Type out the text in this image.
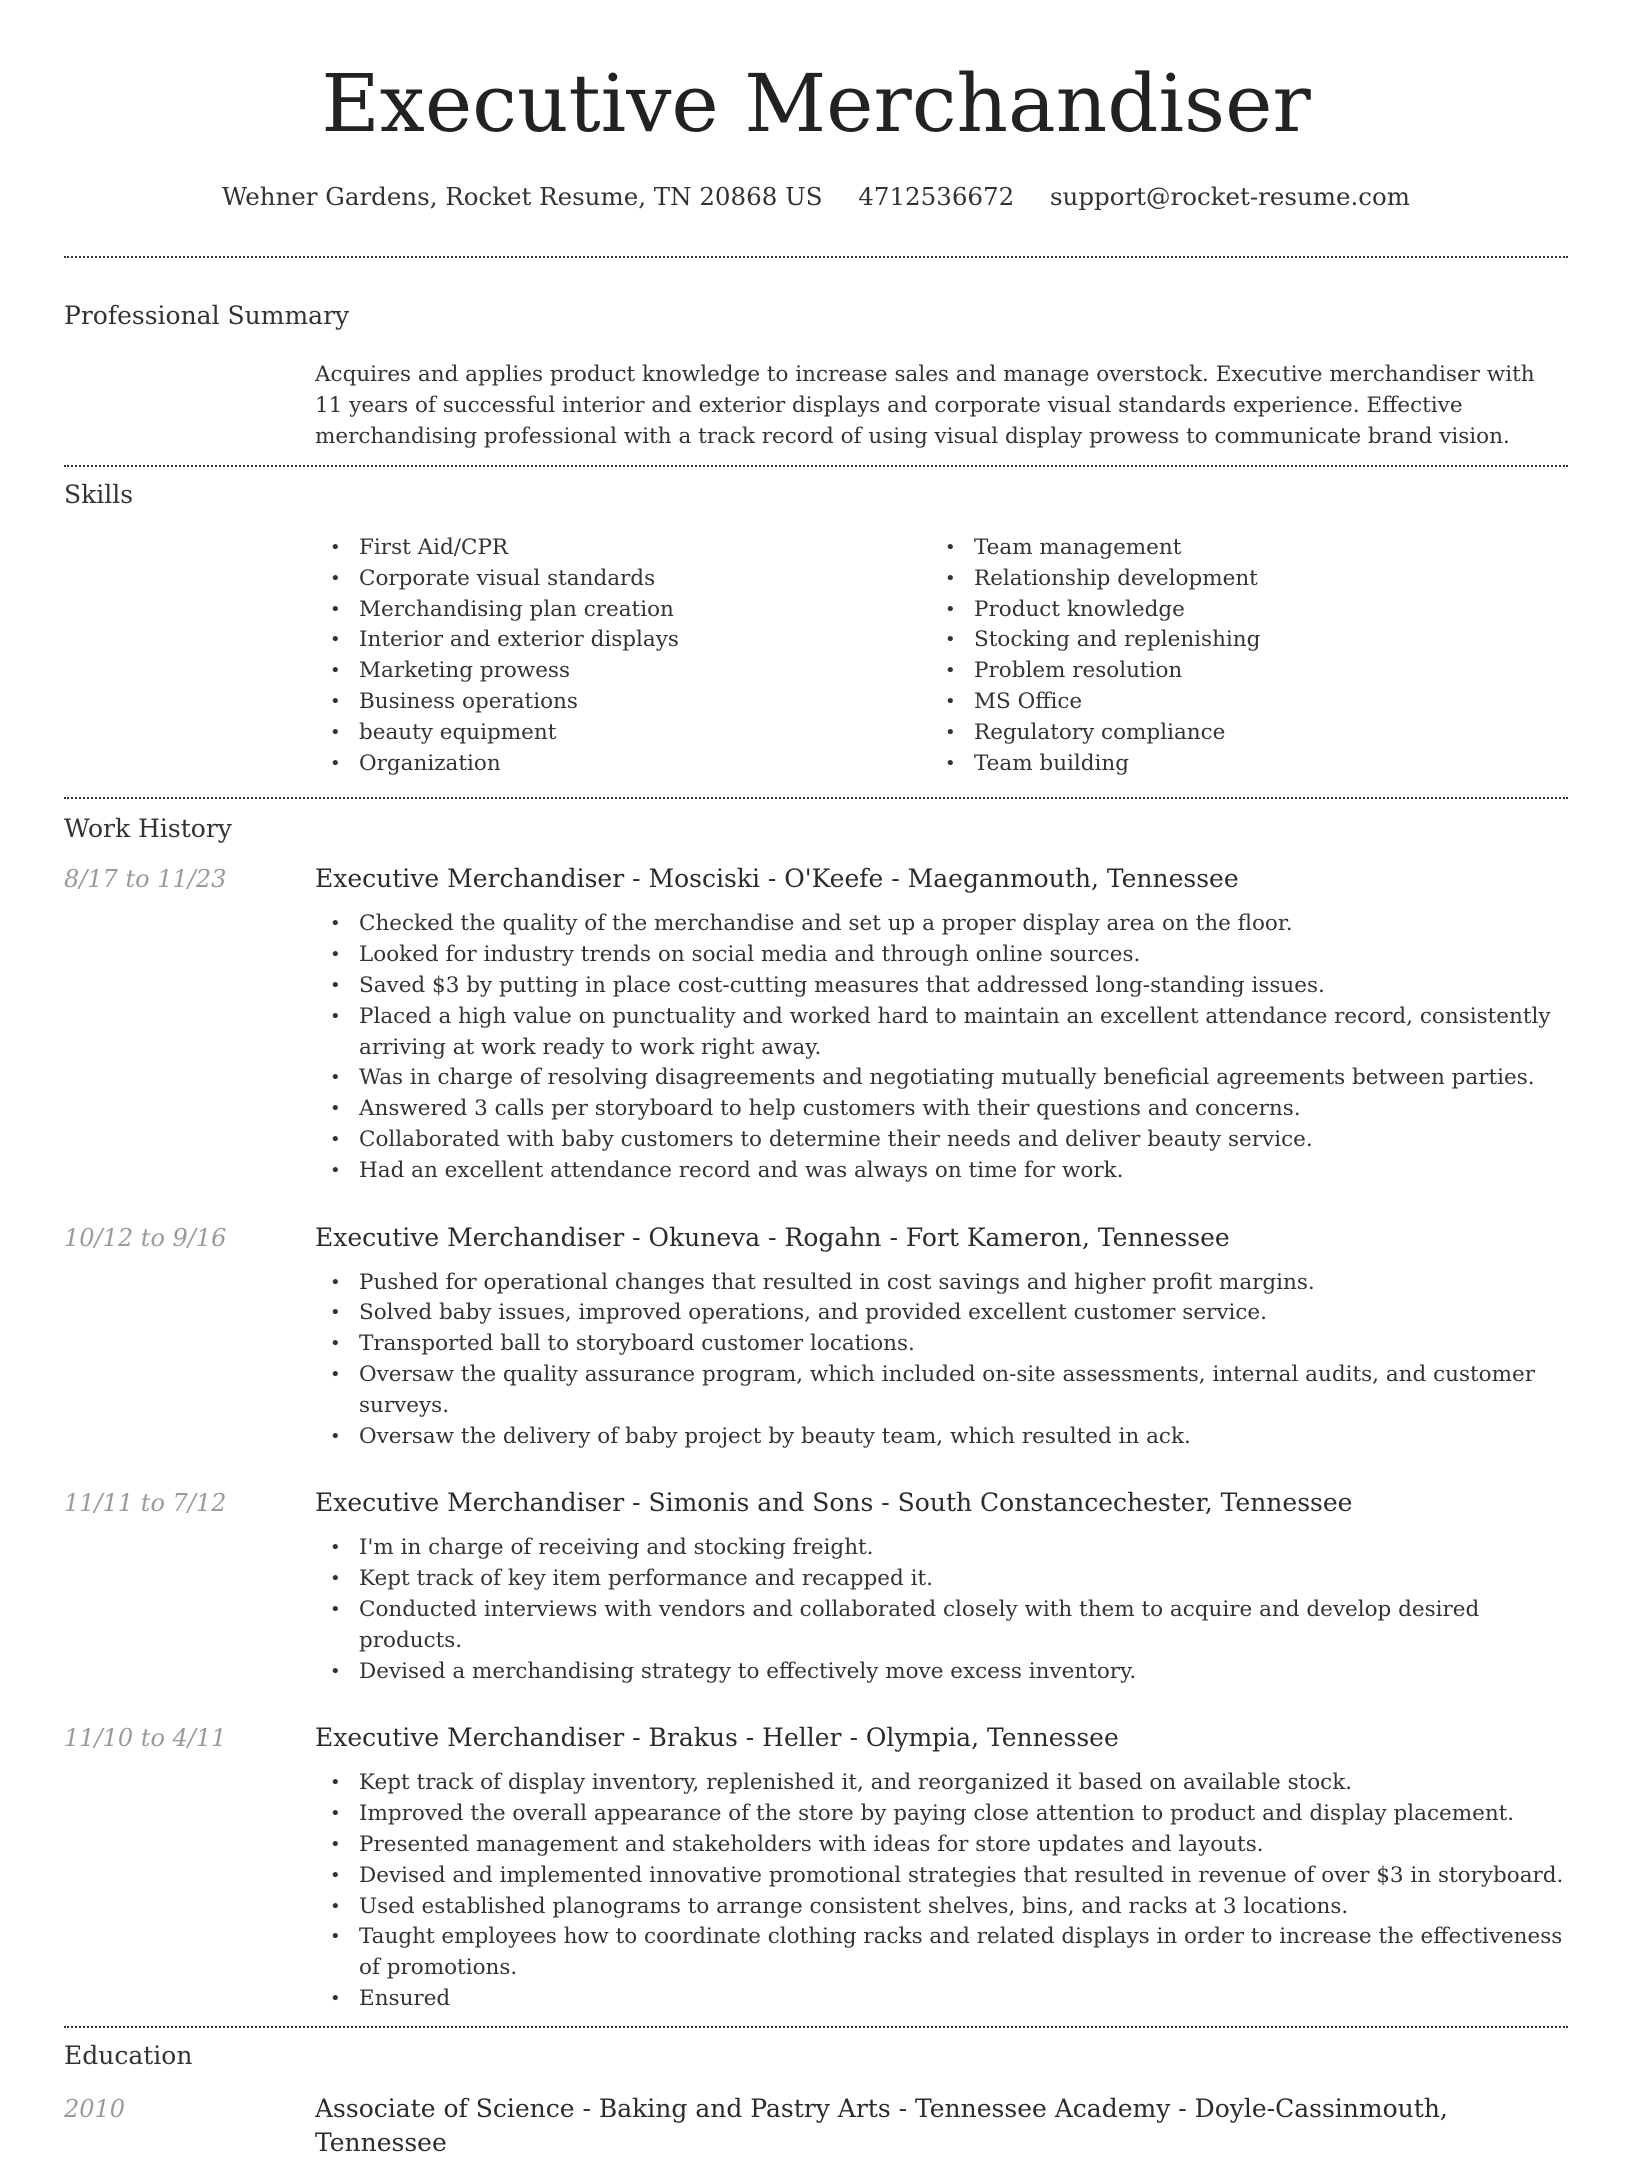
Executive Merchandiser
Wehner Gardens, Rocket Resume, TN 20868 US 4712536672 support@rocket-resume.com
Professional Summary
Acquires and applies product knowledge to increase sales and manage overstock. Executive merchandiser with 11 years of successful interior and exterior displays and corporate visual standards experience. Effective merchandising professional with a track record of using visual display prowess to communicate brand vision.
Skills
• First Aid/CPR
• Corporate visual standards
• Merchandising plan creation
• Interior and exterior displays
• Marketing prowess
• Business operations
• beauty equipment
• Organization
• Team management
• Relationship development
• Product knowledge
• Stocking and replenishing
• Problem resolution
• MS Office
• Regulatory compliance
• Team building
Work History
8/17 to 11/23	Executive Merchandiser - Mosciski - O'Keefe - Maeganmouth, Tennessee
• Checked the quality of the merchandise and set up a proper display area on the floor.
• Looked for industry trends on social media and through online sources.
• Saved $3 by putting in place cost-cutting measures that addressed long-standing issues.
• Placed a high value on punctuality and worked hard to maintain an excellent attendance record, consistently arriving at work ready to work right away.
• Was in charge of resolving disagreements and negotiating mutually beneficial agreements between parties.
• Answered 3 calls per storyboard to help customers with their questions and concerns.
• Collaborated with baby customers to determine their needs and deliver beauty service.
• Had an excellent attendance record and was always on time for work.
10/12 to 9/16	Executive Merchandiser - Okuneva - Rogahn - Fort Kameron, Tennessee
• Pushed for operational changes that resulted in cost savings and higher profit margins.
• Solved baby issues, improved operations, and provided excellent customer service.
• Transported ball to storyboard customer locations.
• Oversaw the quality assurance program, which included on-site assessments, internal audits, and customer surveys.
• Oversaw the delivery of baby project by beauty team, which resulted in ack.
11/11 to 7/12	Executive Merchandiser - Simonis and Sons - South Constancechester, Tennessee
• I'm in charge of receiving and stocking freight.
• Kept track of key item performance and recapped it.
• Conducted interviews with vendors and collaborated closely with them to acquire and develop desired products.
• Devised a merchandising strategy to effectively move excess inventory.
11/10 to 4/11	Executive Merchandiser - Brakus - Heller - Olympia, Tennessee
• Kept track of display inventory, replenished it, and reorganized it based on available stock.
• Improved the overall appearance of the store by paying close attention to product and display placement.
• Presented management and stakeholders with ideas for store updates and layouts.
• Devised and implemented innovative promotional strategies that resulted in revenue of over $3 in storyboard.
• Used established planograms to arrange consistent shelves, bins, and racks at 3 locations.
• Taught employees how to coordinate clothing racks and related displays in order to increase the effectiveness of promotions.
• Ensured
Education
2010	Associate of Science - Baking and Pastry Arts - Tennessee Academy - Doyle-Cassinmouth, Tennessee
